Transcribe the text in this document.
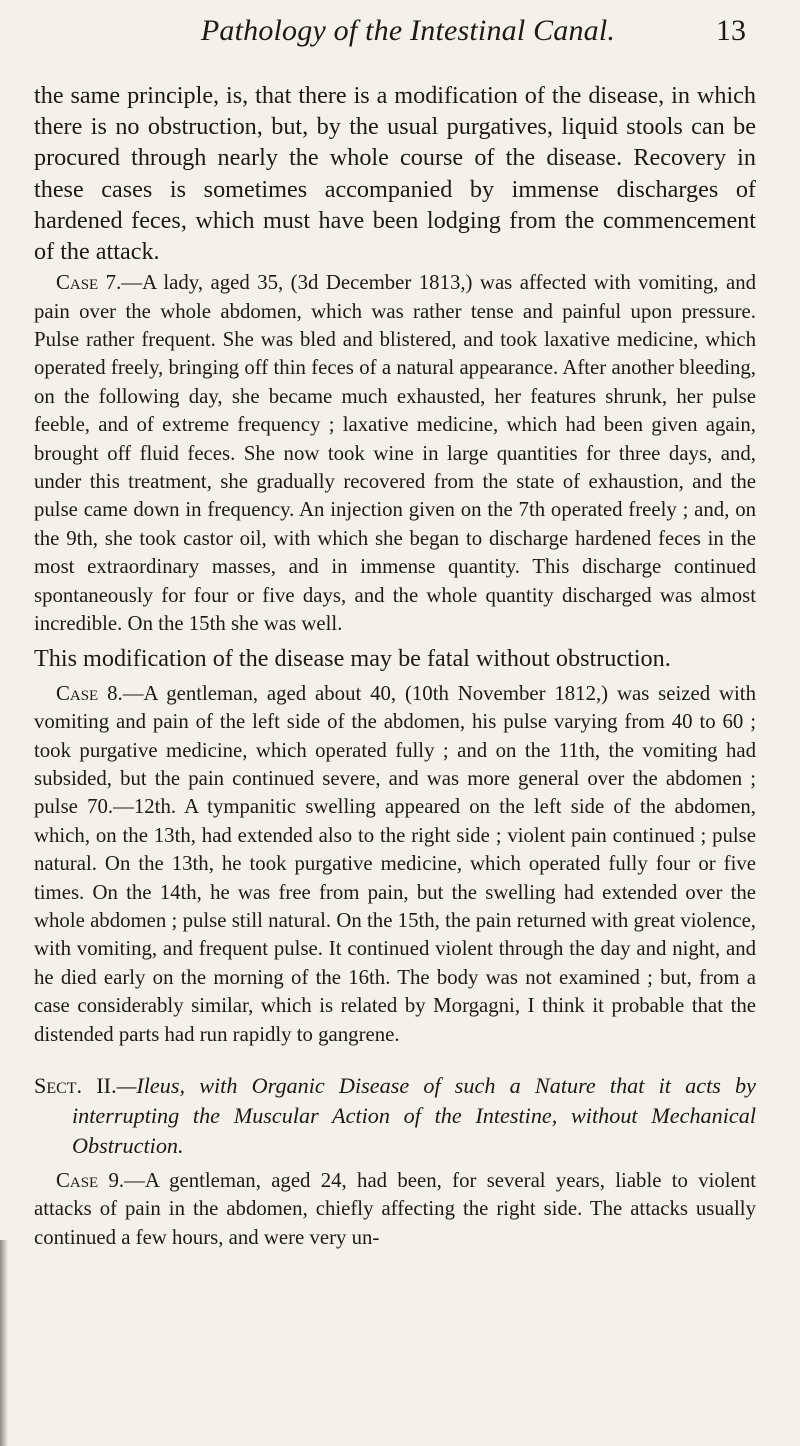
Pathology of the Intestinal Canal.	13

the same principle, is, that there is a modification of the disease, in which there is no obstruction, but, by the usual purgatives, liquid stools can be procured through nearly the whole course of the disease. Recovery in these cases is sometimes accompanied by immense discharges of hardened feces, which must have been lodging from the commencement of the attack.

Case 7.—A lady, aged 35, (3d December 1813,) was affected with vomiting, and pain over the whole abdomen, which was rather tense and painful upon pressure. Pulse rather frequent. She was bled and blistered, and took laxative medicine, which operated freely, bringing off thin feces of a natural appearance. After another bleeding, on the following day, she became much exhausted, her features shrunk, her pulse feeble, and of extreme frequency ; laxative medicine, which had been given again, brought off fluid feces. She now took wine in large quantities for three days, and, under this treatment, she gradually recovered from the state of exhaustion, and the pulse came down in frequency. An injection given on the 7th operated freely ; and, on the 9th, she took castor oil, with which she began to discharge hardened feces in the most extraordinary masses, and in immense quantity. This discharge continued spontaneously for four or five days, and the whole quantity discharged was almost incredible. On the 15th she was well.

This modification of the disease may be fatal without obstruction.

Case 8.—A gentleman, aged about 40, (10th November 1812,) was seized with vomiting and pain of the left side of the abdomen, his pulse varying from 40 to 60 ; took purgative medicine, which operated fully ; and on the 11th, the vomiting had subsided, but the pain continued severe, and was more general over the abdomen ; pulse 70.—12th. A tympanitic swelling appeared on the left side of the abdomen, which, on the 13th, had extended also to the right side ; violent pain continued ; pulse natural. On the 13th, he took purgative medicine, which operated fully four or five times. On the 14th, he was free from pain, but the swelling had extended over the whole abdomen ; pulse still natural. On the 15th, the pain returned with great violence, with vomiting, and frequent pulse. It continued violent through the day and night, and he died early on the morning of the 16th. The body was not examined ; but, from a case considerably similar, which is related by Morgagni, I think it probable that the distended parts had run rapidly to gangrene.

Sect. II.—Ileus, with Organic Disease of such a Nature that it acts by interrupting the Muscular Action of the Intestine, without Mechanical Obstruction.

Case 9.—A gentleman, aged 24, had been, for several years, liable to violent attacks of pain in the abdomen, chiefly affecting the right side. The attacks usually continued a few hours, and were very un-
